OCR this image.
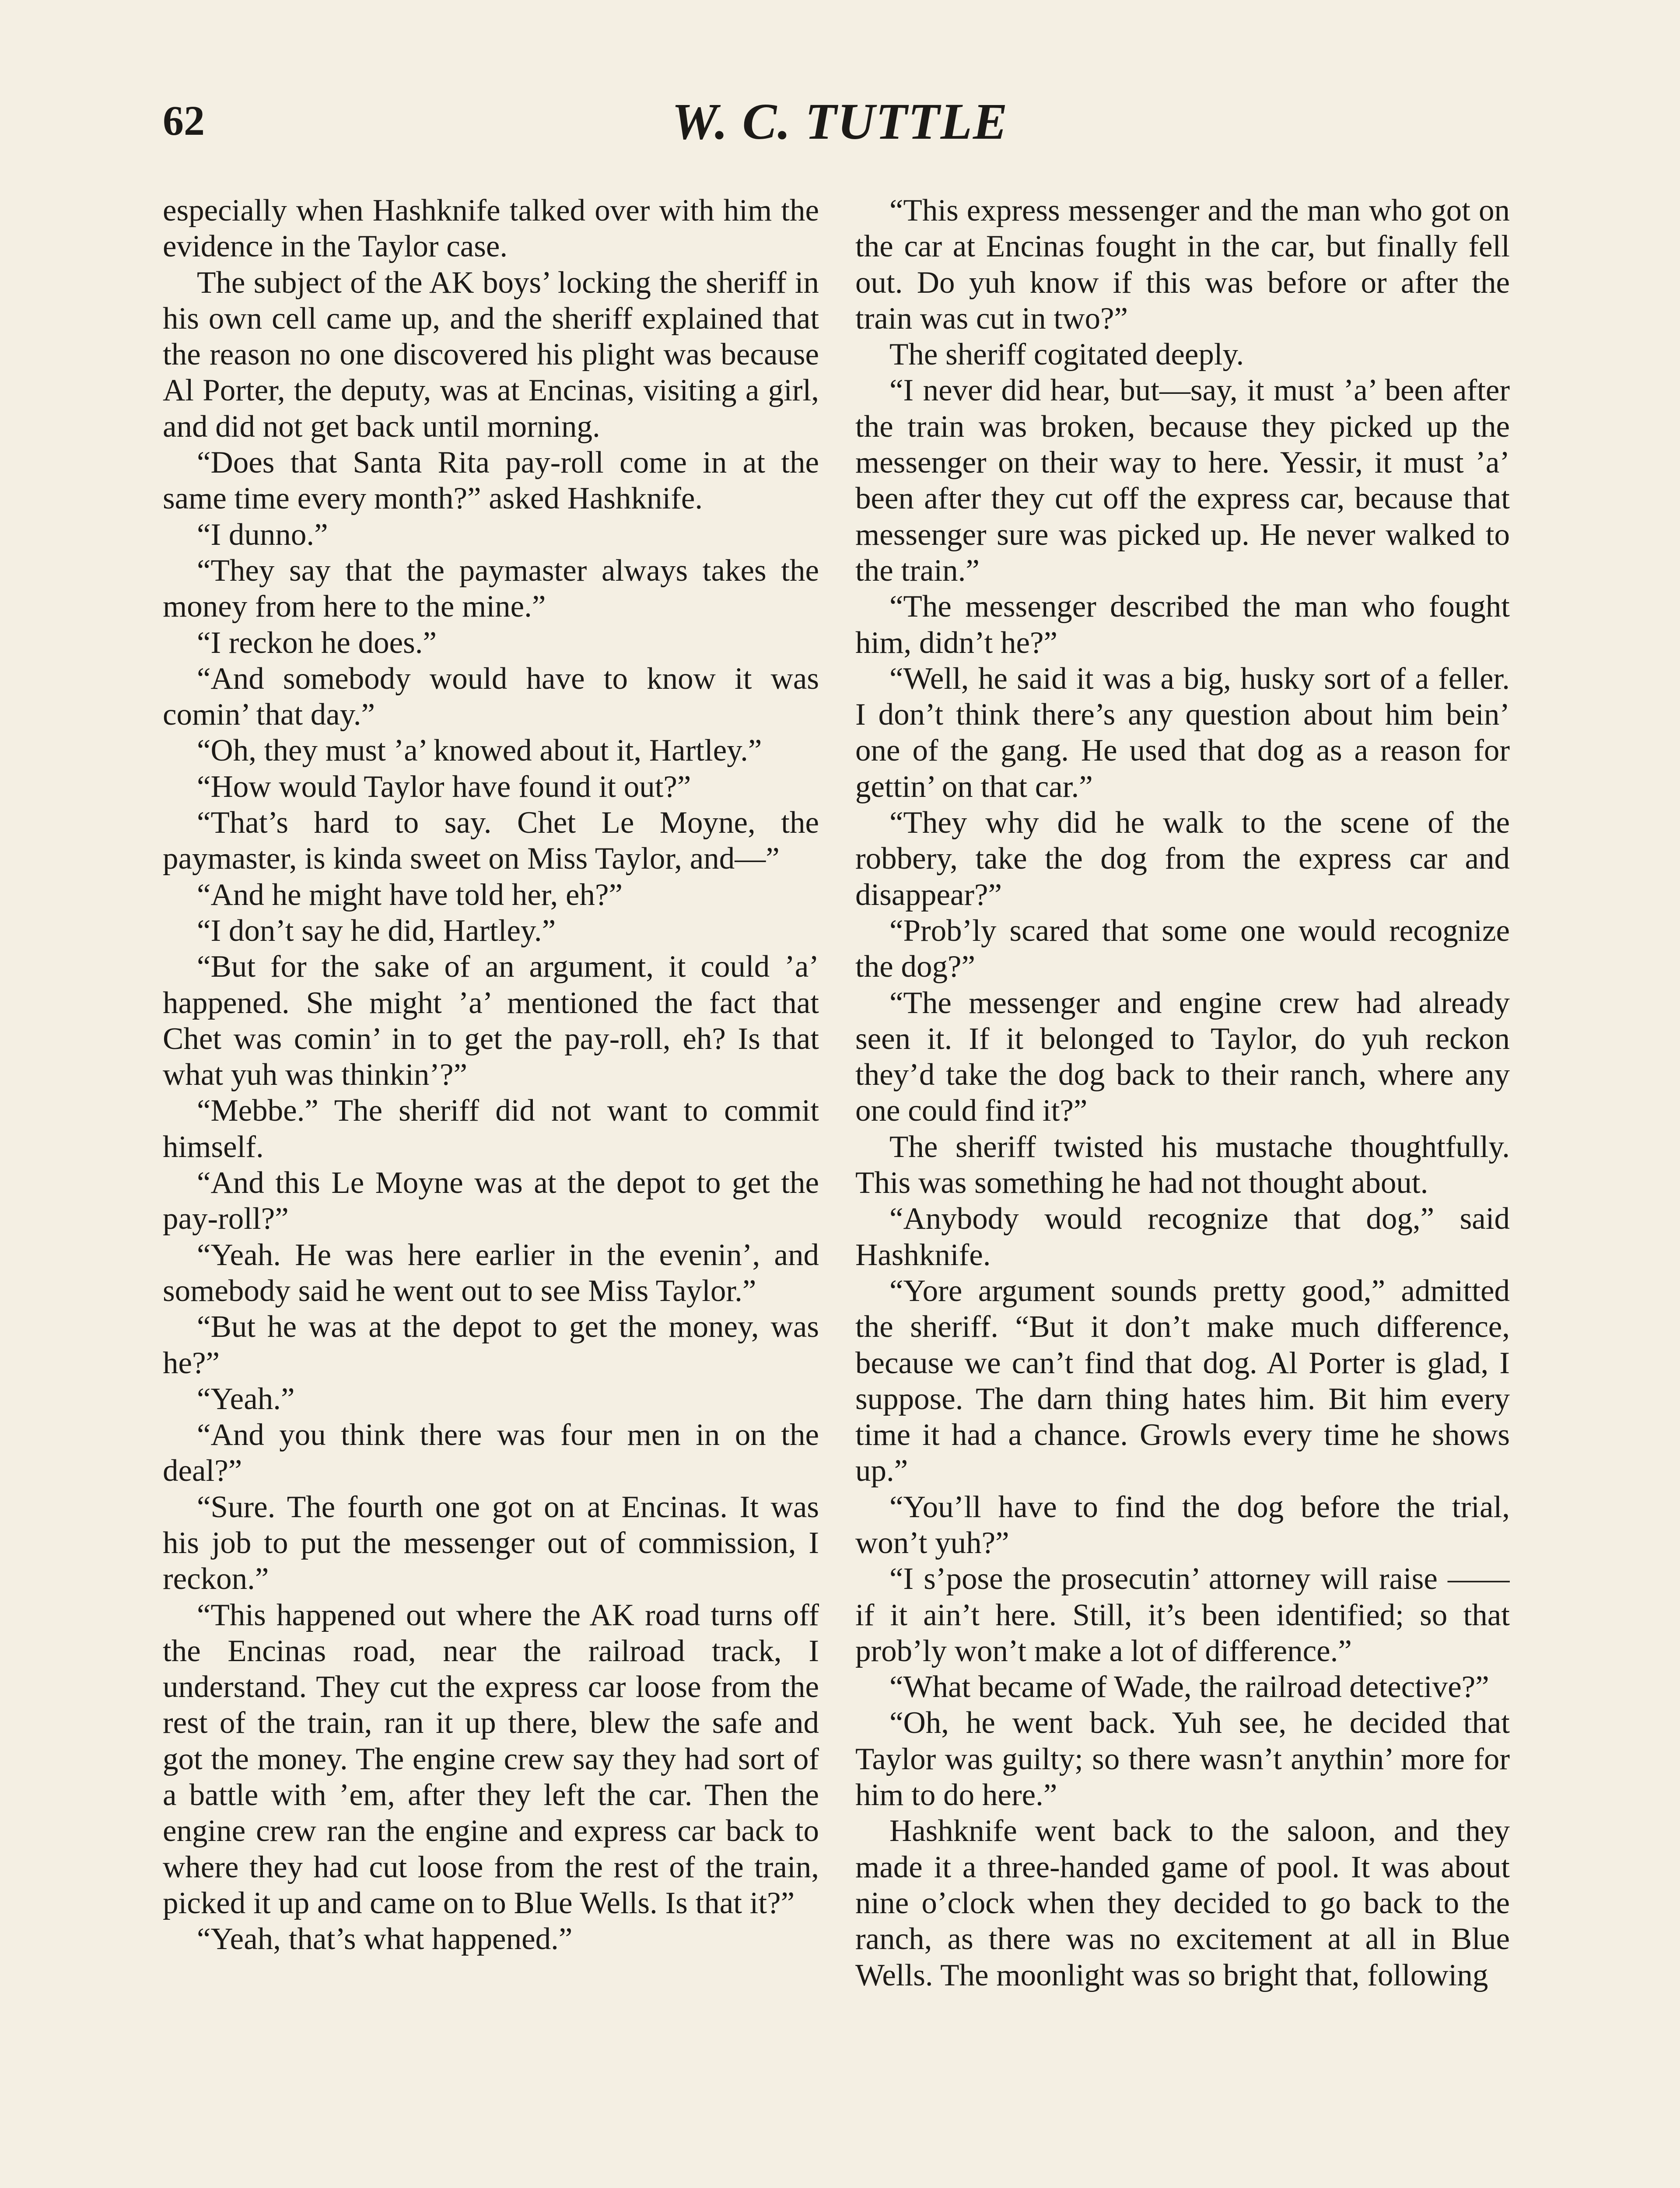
62	W. C. TUTTLE

especially when Hashknife talked over with him the evidence in the Taylor case.

The subject of the AK boys’ locking the sheriff in his own cell came up, and the sheriff explained that the reason no one discovered his plight was because Al Porter, the deputy, was at Encinas, visiting a girl, and did not get back until morning.

“Does that Santa Rita pay-roll come in at the same time every month?” asked Hashknife.

“I dunno.”

“They say that the paymaster always takes the money from here to the mine.”

“I reckon he does.”

“And somebody would have to know it was comin’ that day.”

“Oh, they must ’a’ knowed about it, Hartley.”

“How would Taylor have found it out?”

“That’s hard to say. Chet Le Moyne, the paymaster, is kinda sweet on Miss Taylor, and—”

“And he might have told her, eh?”

“I don’t say he did, Hartley.”

“But for the sake of an argument, it could ’a’ happened. She might ’a’ mentioned the fact that Chet was comin’ in to get the pay-roll, eh? Is that what yuh was thinkin’?”

“Mebbe.” The sheriff did not want to commit himself.

“And this Le Moyne was at the depot to get the pay-roll?”

“Yeah. He was here earlier in the evenin’, and somebody said he went out to see Miss Taylor.”

“But he was at the depot to get the money, was he?”

“Yeah.”

“And you think there was four men in on the deal?”

“Sure. The fourth one got on at Encinas. It was his job to put the messenger out of commission, I reckon.”

“This happened out where the AK road turns off the Encinas road, near the railroad track, I understand. They cut the express car loose from the rest of the train, ran it up there, blew the safe and got the money. The engine crew say they had sort of a battle with ’em, after they left the car. Then the engine crew ran the engine and express car back to where they had cut loose from the rest of the train, picked it up and came on to Blue Wells. Is that it?”

“Yeah, that’s what happened.”

“This express messenger and the man who got on the car at Encinas fought in the car, but finally fell out. Do yuh know if this was before or after the train was cut in two?”

The sheriff cogitated deeply.

“I never did hear, but—say, it must ’a’ been after the train was broken, because they picked up the messenger on their way to here. Yessir, it must ’a’ been after they cut off the express car, because that messenger sure was picked up. He never walked to the train.”

“The messenger described the man who fought him, didn’t he?”

“Well, he said it was a big, husky sort of a feller. I don’t think there’s any question about him bein’ one of the gang. He used that dog as a reason for gettin’ on that car.”

“They why did he walk to the scene of the robbery, take the dog from the express car and disappear?”

“Prob’ly scared that some one would recognize the dog?”

“The messenger and engine crew had already seen it. If it belonged to Taylor, do yuh reckon they’d take the dog back to their ranch, where any one could find it?”

The sheriff twisted his mustache thoughtfully. This was something he had not thought about.

“Anybody would recognize that dog,” said Hashknife.

“Yore argument sounds pretty good,” admitted the sheriff. “But it don’t make much difference, because we can’t find that dog. Al Porter is glad, I suppose. The darn thing hates him. Bit him every time it had a chance. Growls every time he shows up.”

“You’ll have to find the dog before the trial, won’t yuh?”

“I s’pose the prosecutin’ attorney will raise —— if it ain’t here. Still, it’s been identified; so that prob’ly won’t make a lot of difference.”

“What became of Wade, the railroad detective?”

“Oh, he went back. Yuh see, he decided that Taylor was guilty; so there wasn’t anythin’ more for him to do here.”

Hashknife went back to the saloon, and they made it a three-handed game of pool. It was about nine o’clock when they decided to go back to the ranch, as there was no excitement at all in Blue Wells. The moonlight was so bright that, following
